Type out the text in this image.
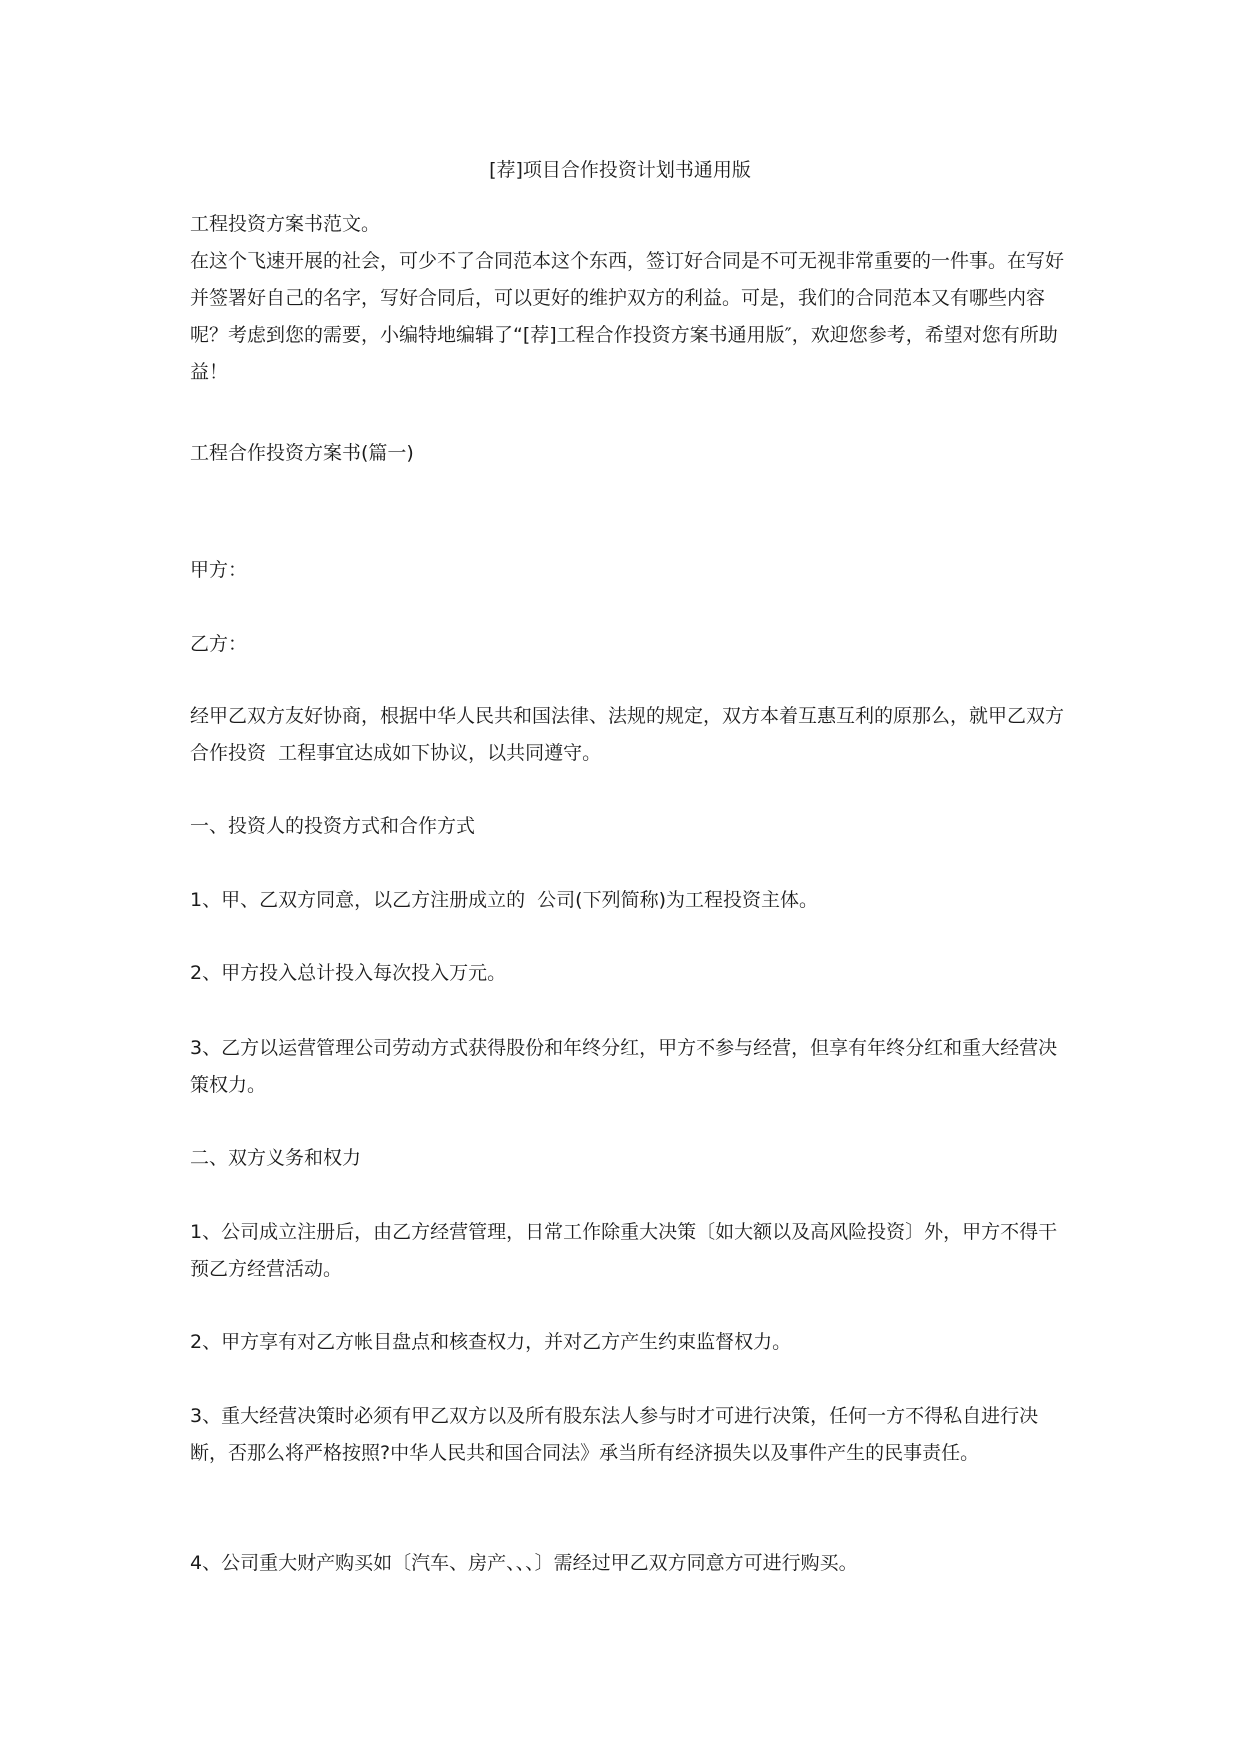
[荐]项目合作投资计划书通用版

工程投资方案书范文。

在这个飞速开展的社会，可少不了合同范本这个东西，签订好合同是不可无视非常重要的一件事。在写好并签署好自己的名字，写好合同后，可以更好的维护双方的利益。可是，我们的合同范本又有哪些内容呢？考虑到您的需要，小编特地编辑了“[荐]工程合作投资方案书通用版″，欢迎您参考，希望对您有所助益！

工程合作投资方案书(篇一)

甲方：

乙方：

经甲乙双方友好协商，根据中华人民共和国法律、法规的规定，双方本着互惠互利的原那么，就甲乙双方合作投资  工程事宜达成如下协议，以共同遵守。

一、投资人的投资方式和合作方式

1、甲、乙双方同意，以乙方注册成立的  公司(下列简称)为工程投资主体。

2、甲方投入总计投入每次投入万元。

3、乙方以运营管理公司劳动方式获得股份和年终分红，甲方不参与经营，但享有年终分红和重大经营决策权力。

二、双方义务和权力

1、公司成立注册后，由乙方经营管理，日常工作除重大决策〔如大额以及高风险投资〕外，甲方不得干预乙方经营活动。

2、甲方享有对乙方帐目盘点和核查权力，并对乙方产生约束监督权力。

3、重大经营决策时必须有甲乙双方以及所有股东法人参与时才可进行决策，任何一方不得私自进行决断，否那么将严格按照?中华人民共和国合同法》承当所有经济损失以及事件产生的民事责任。

4、公司重大财产购买如〔汽车、房产、、、〕需经过甲乙双方同意方可进行购买。
